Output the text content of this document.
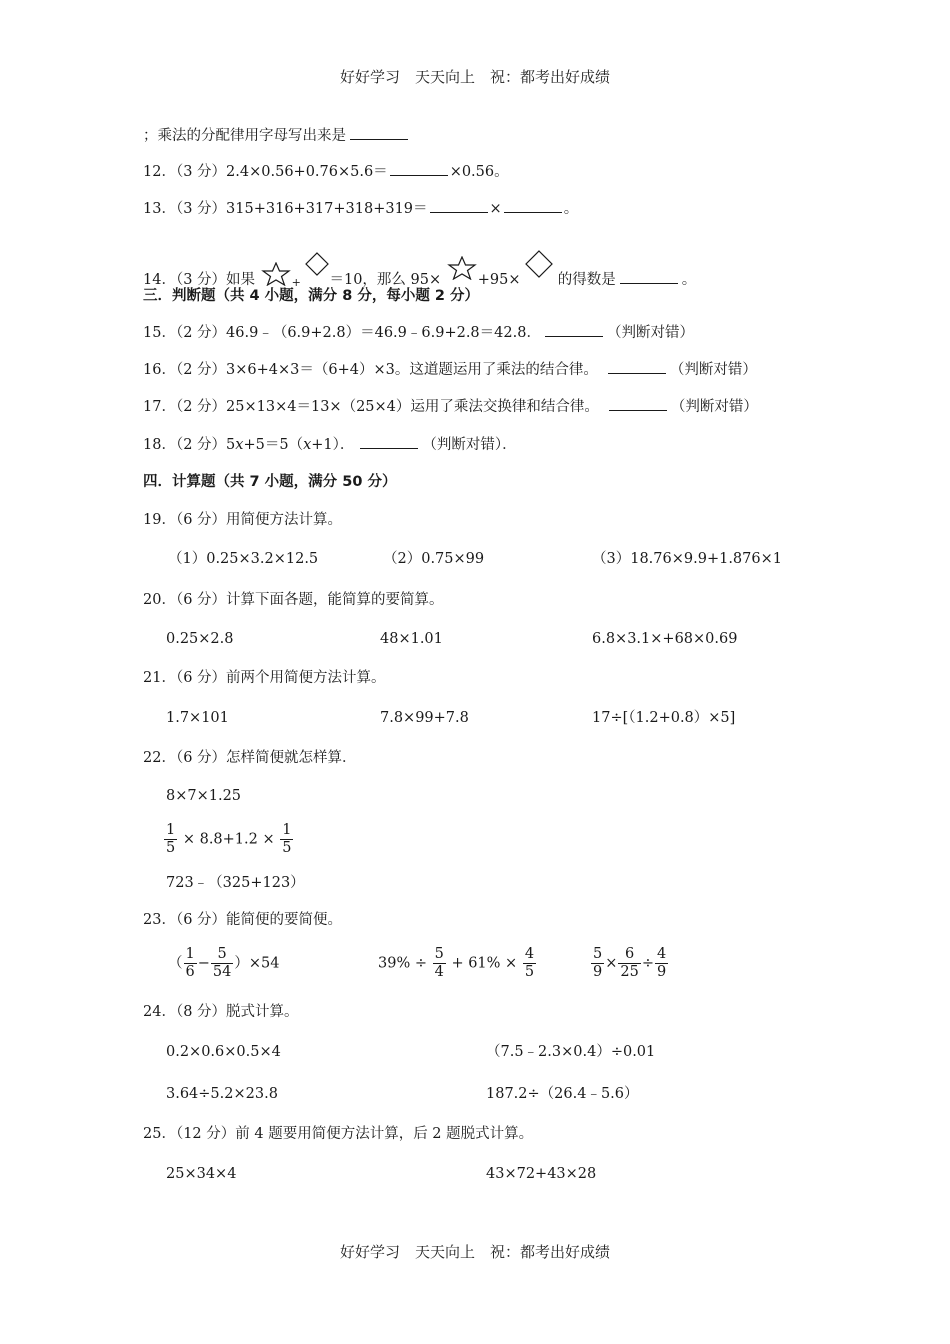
好好学习　天天向上　祝：都考出好成绩
；乘法的分配律用字母写出来是
12．（3 分）2.4×0.56+0.76×5.6＝	×0.56。
13．（3 分）315+316+317+318+319＝	×	。
14．（3 分）如果	+ ＝10，那么 95×	+95×	的得数是	。
三．判断题（共 4 小题，满分 8 分，每小题 2 分）
15．（2 分）46.9﹣（6.9+2.8）＝46.9﹣6.9+2.8＝42.8．	（判断对错）
16．（2 分）3×6+4×3＝（6+4）×3。这道题运用了乘法的结合律。	（判断对错）
17．（2 分）25×13×4＝13×（25×4）运用了乘法交换律和结合律。	（判断对错）
18．（2 分）5x+5＝5（x+1）．	（判断对错）．
四．计算题（共 7 小题，满分 50 分）
19．（6 分）用简便方法计算。
（1）0.25×3.2×12.5	（2）0.75×99	（3）18.76×9.9+1.876×1
20．（6 分）计算下面各题，能简算的要简算。
0.25×2.8	48×1.01	6.8×3.1×+68×0.69
21．（6 分）前两个用简便方法计算。
1.7×101	7.8×99+7.8	17÷[（1.2+0.8）×5]
22．（6 分）怎样简便就怎样算．
8×7×1.25
$\frac{1}{5} \times 8.8+1.2 \times \frac{1}{5}$
723﹣（325+123）
23．（6 分）能简便的要简便。
（ $\frac{1}{6} - \frac{5}{54} )\times 54$	$39\% \div \frac{5}{4} + 61\% \times \frac{4}{5}$	$\frac{5}{9} \times \frac{6}{25} \div \frac{4}{9}$
24．（8 分）脱式计算。
0.2×0.6×0.5×4	（7.5﹣2.3×0.4）÷0.01
3.64÷5.2×23.8	187.2÷（26.4﹣5.6）
25．（12 分）前 4 题要用简便方法计算，后 2 题脱式计算。
25×34×4	43×72+43×28
好好学习　天天向上　祝：都考出好成绩
